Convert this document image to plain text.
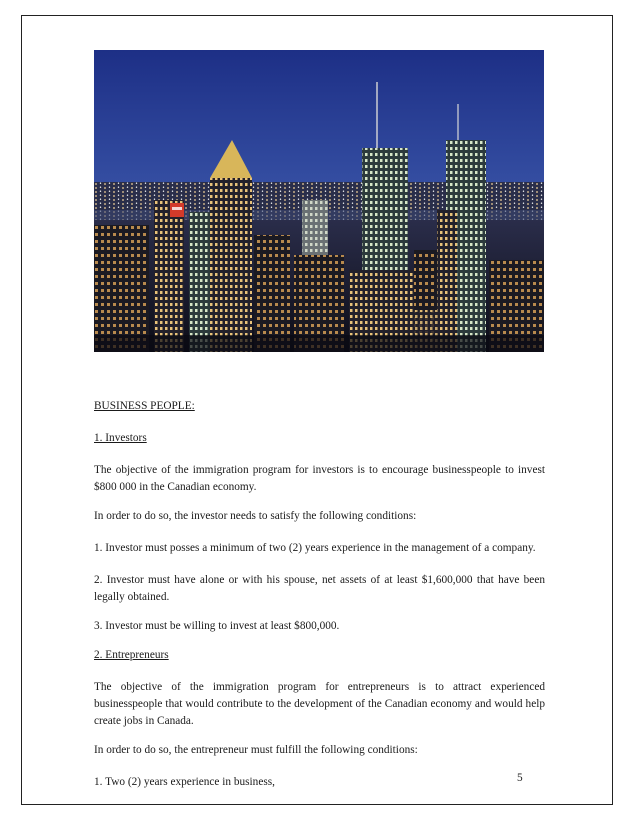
BUSINESS PEOPLE:

1. Investors

The objective of the immigration program for investors is to encourage businesspeople to invest $800 000 in the Canadian economy.

In order to do so, the investor needs to satisfy the following conditions:

1. Investor must posses a minimum of two (2) years experience in the management of a company.

2. Investor must have alone or with his spouse, net assets of at least $1,600,000 that have been legally obtained.

3. Investor must be willing to invest at least $800,000.

2. Entrepreneurs

The objective of the immigration program for entrepreneurs is to attract experienced businesspeople that would contribute to the development of the Canadian economy and would help create jobs in Canada.

In order to do so, the entrepreneur must fulfill the following conditions:

1. Two (2) years experience in business,	5
